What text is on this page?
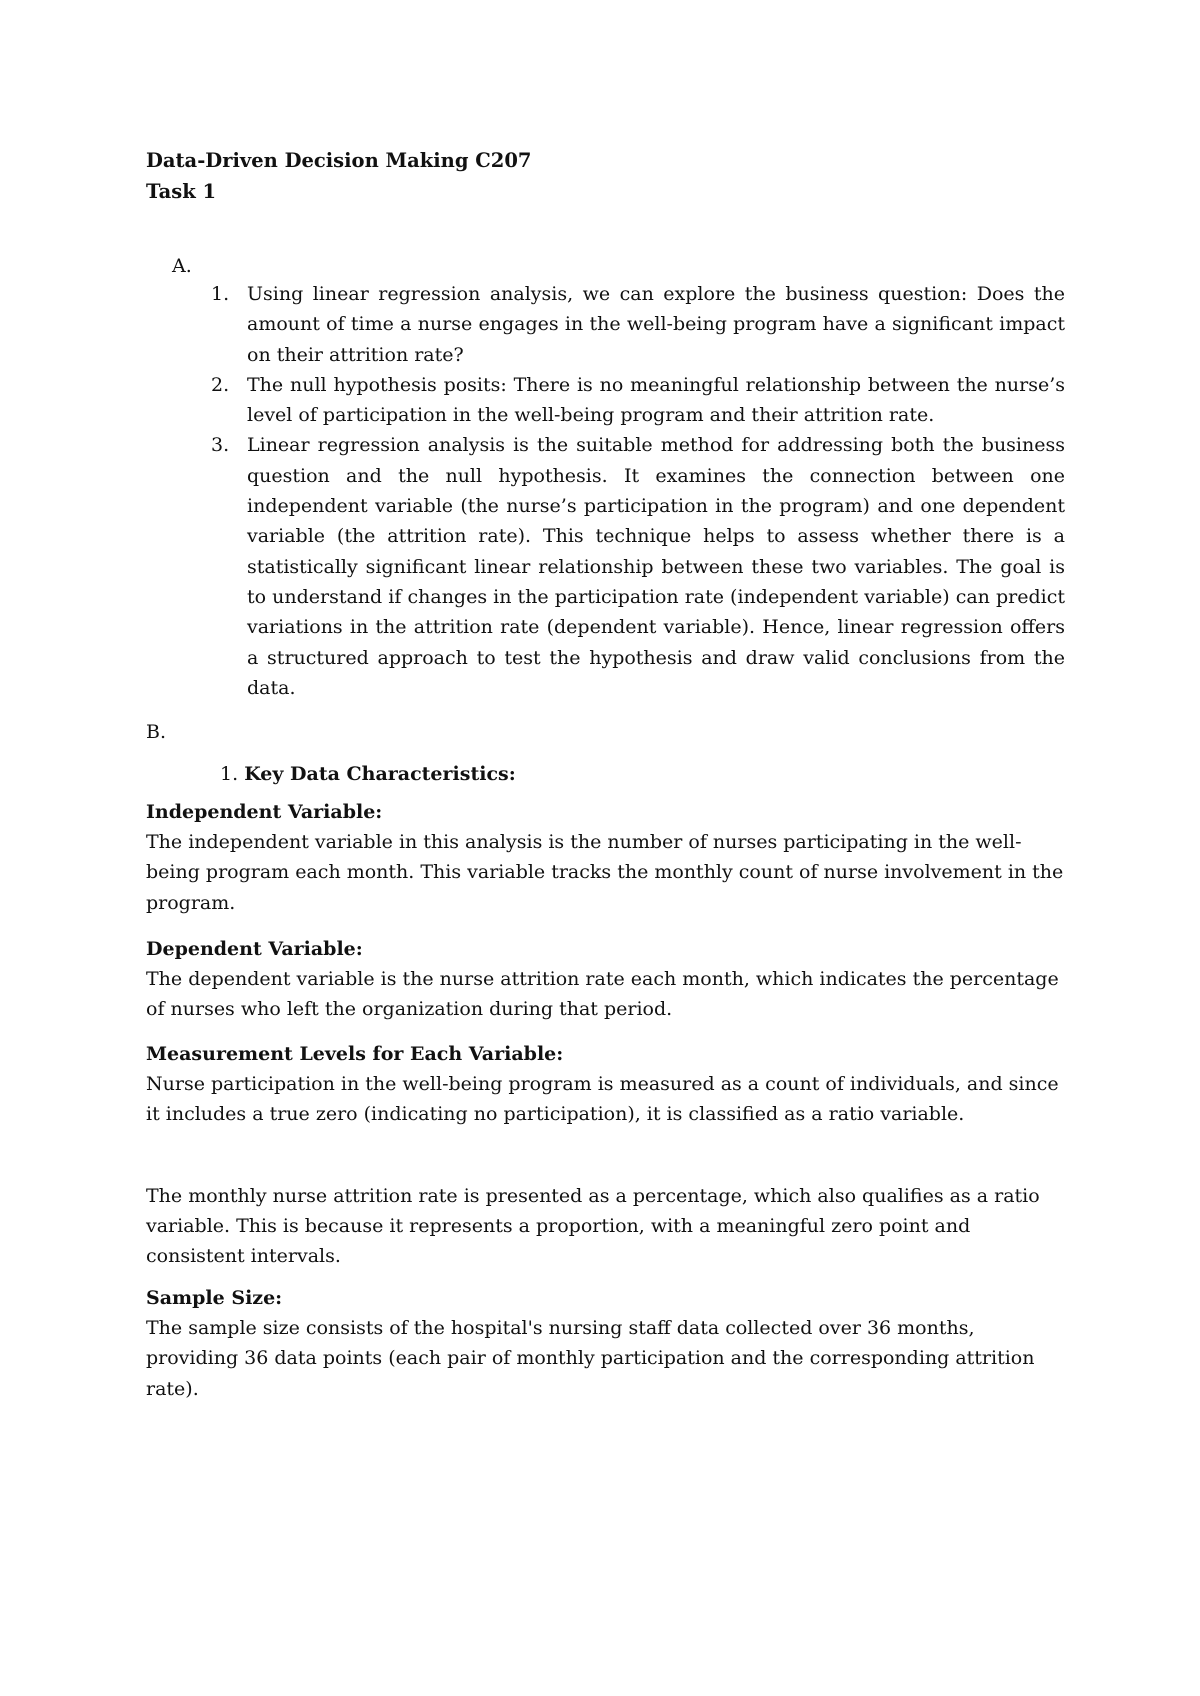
Data-Driven Decision Making C207
Task 1
A.
1. Using linear regression analysis, we can explore the business question: Does the amount of time a nurse engages in the well-being program have a significant impact on their attrition rate?
2. The null hypothesis posits: There is no meaningful relationship between the nurse’s level of participation in the well-being program and their attrition rate.
3. Linear regression analysis is the suitable method for addressing both the business question and the null hypothesis. It examines the connection between one independent variable (the nurse’s participation in the program) and one dependent variable (the attrition rate). This technique helps to assess whether there is a statistically significant linear relationship between these two variables. The goal is to understand if changes in the participation rate (independent variable) can predict variations in the attrition rate (dependent variable). Hence, linear regression offers a structured approach to test the hypothesis and draw valid conclusions from the data.
B.
1. Key Data Characteristics:
Independent Variable:
The independent variable in this analysis is the number of nurses participating in the well-being program each month. This variable tracks the monthly count of nurse involvement in the program.
Dependent Variable:
The dependent variable is the nurse attrition rate each month, which indicates the percentage of nurses who left the organization during that period.
Measurement Levels for Each Variable:
Nurse participation in the well-being program is measured as a count of individuals, and since it includes a true zero (indicating no participation), it is classified as a ratio variable.
The monthly nurse attrition rate is presented as a percentage, which also qualifies as a ratio variable. This is because it represents a proportion, with a meaningful zero point and consistent intervals.
Sample Size:
The sample size consists of the hospital's nursing staff data collected over 36 months, providing 36 data points (each pair of monthly participation and the corresponding attrition rate).
